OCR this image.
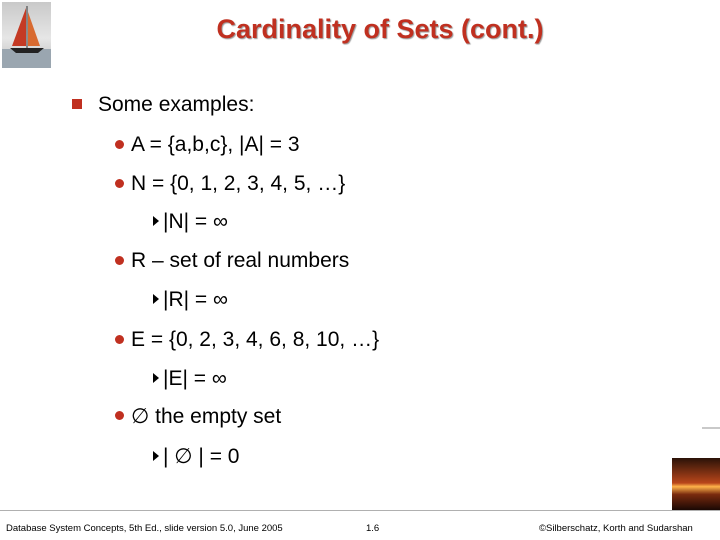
Cardinality of Sets (cont.)
Some examples:
A = {a,b,c}, |A| = 3
N = {0, 1, 2, 3, 4, 5, …}
|N| = ∞
R – set of real numbers
|R| = ∞
E = {0, 2, 3, 4, 6, 8, 10, …}
|E| = ∞
∅ the empty set
| ∅ | = 0
Database System Concepts, 5th Ed., slide version 5.0, June 2005	1.6	©Silberschatz, Korth and Sudarshan
